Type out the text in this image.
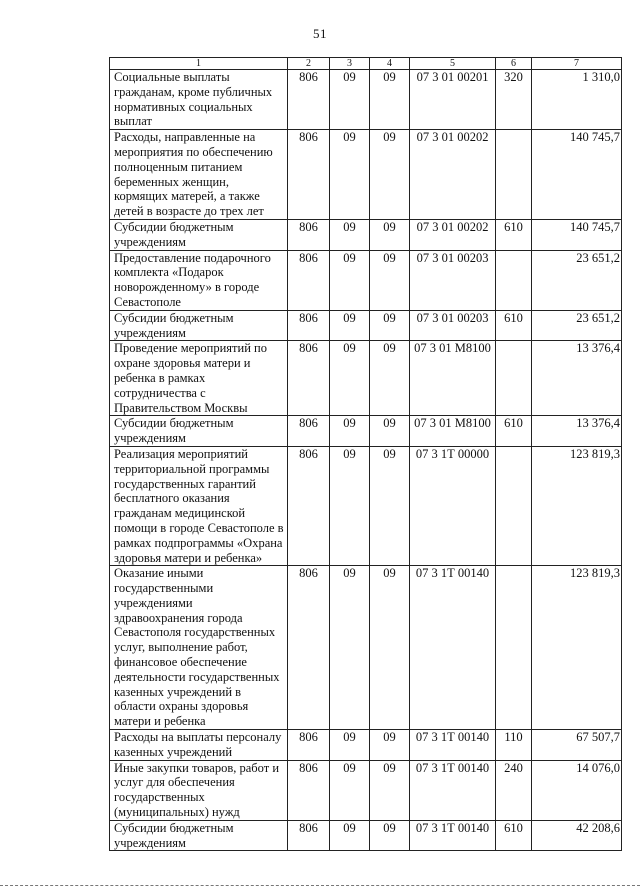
51
1	2	3	4	5	6	7
Социальные выплаты гражданам, кроме публичных нормативных социальных выплат	806	09	09	07 3 01 00201	320	1 310,0
Расходы, направленные на мероприятия по обеспечению полноценным питанием беременных женщин, кормящих матерей, а также детей в возрасте до трех лет	806	09	09	07 3 01 00202		140 745,7
Субсидии бюджетным учреждениям	806	09	09	07 3 01 00202	610	140 745,7
Предоставление подарочного комплекта «Подарок новорожденному» в городе Севастополе	806	09	09	07 3 01 00203		23 651,2
Субсидии бюджетным учреждениям	806	09	09	07 3 01 00203	610	23 651,2
Проведение мероприятий по охране здоровья матери и ребенка в рамках сотрудничества с Правительством Москвы	806	09	09	07 3 01 M8100		13 376,4
Субсидии бюджетным учреждениям	806	09	09	07 3 01 M8100	610	13 376,4
Реализация мероприятий территориальной программы государственных гарантий бесплатного оказания гражданам медицинской помощи в городе Севастополе в рамках подпрограммы «Охрана здоровья матери и ребенка»	806	09	09	07 3 1Т 00000		123 819,3
Оказание иными государственными учреждениями здравоохранения города Севастополя государственных услуг, выполнение работ, финансовое обеспечение деятельности государственных казенных учреждений в области охраны здоровья матери и ребенка	806	09	09	07 3 1Т 00140		123 819,3
Расходы на выплаты персоналу казенных учреждений	806	09	09	07 3 1Т 00140	110	67 507,7
Иные закупки товаров, работ и услуг для обеспечения государственных (муниципальных) нужд	806	09	09	07 3 1Т 00140	240	14 076,0
Субсидии бюджетным учреждениям	806	09	09	07 3 1Т 00140	610	42 208,6
